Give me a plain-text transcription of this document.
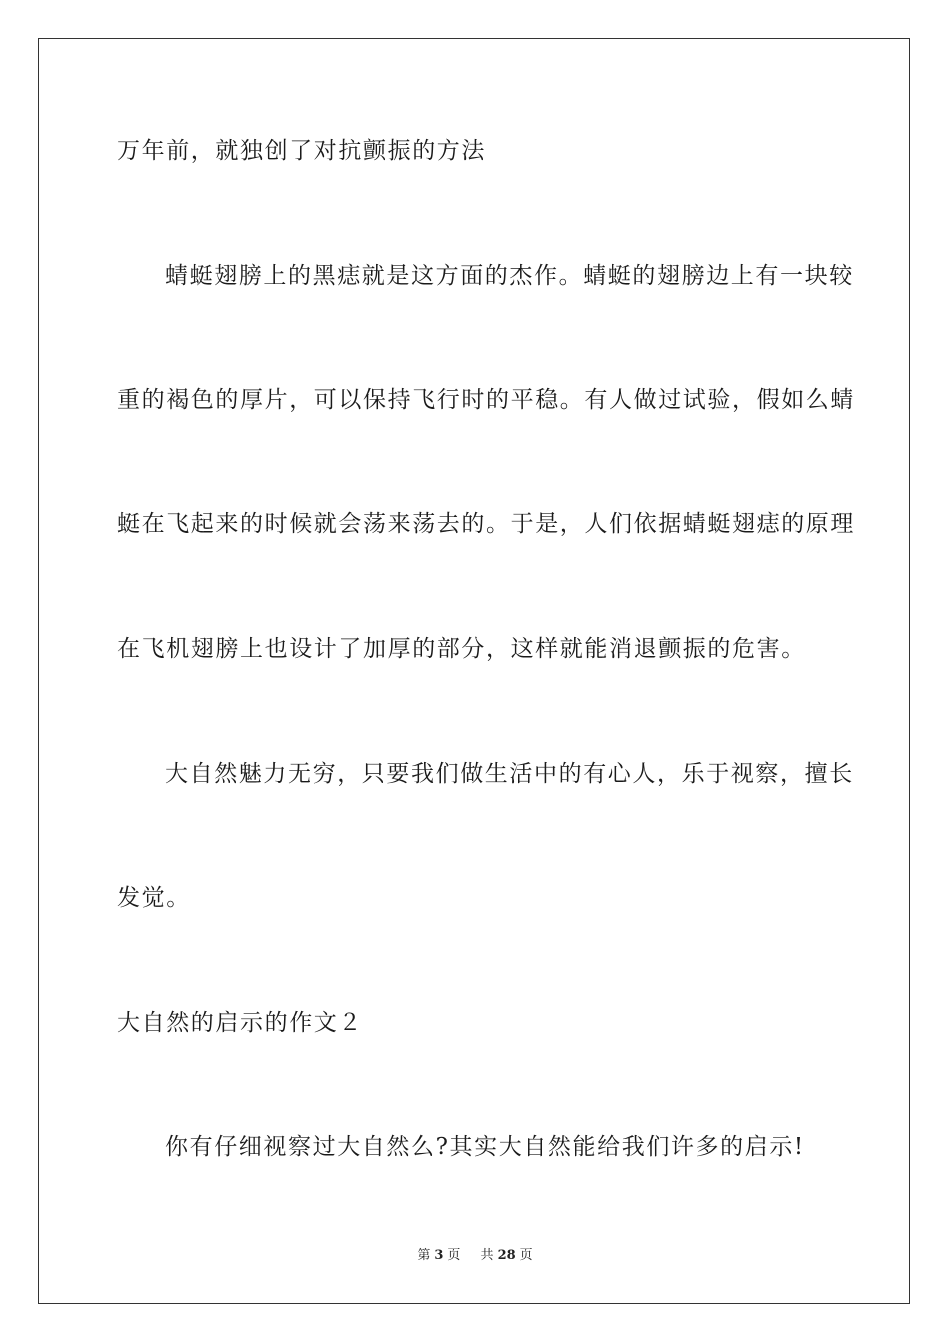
万年前，就独创了对抗颤振的方法
蜻蜓翅膀上的黑痣就是这方面的杰作。蜻蜓的翅膀边上有一块较
重的褐色的厚片，可以保持飞行时的平稳。有人做过试验，假如么蜻
蜓在飞起来的时候就会荡来荡去的。于是，人们依据蜻蜓翅痣的原理
在飞机翅膀上也设计了加厚的部分，这样就能消退颤振的危害。
大自然魅力无穷，只要我们做生活中的有心人，乐于视察，擅长
发觉。
大自然的启示的作文２
你有仔细视察过大自然么?其实大自然能给我们许多的启示!
第 3 页 共 28 页
